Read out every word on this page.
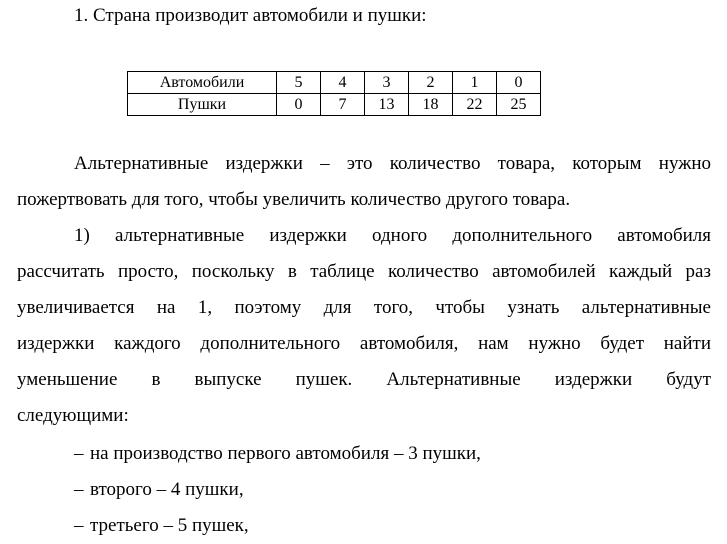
1. Страна производит автомобили и пушки:
Автомобили	5	4	3	2	1	0
Пушки	0	7	13	18	22	25
Альтернативные издержки – это количество товара, которым нужно
пожертвовать для того, чтобы увеличить количество другого товара.
1) альтернативные издержки одного дополнительного автомобиля
рассчитать просто, поскольку в таблице количество автомобилей каждый раз
увеличивается на 1, поэтому для того, чтобы узнать альтернативные
издержки каждого дополнительного автомобиля, нам нужно будет найти
уменьшение в выпуске пушек. Альтернативные издержки будут
следующими:
– на производство первого автомобиля – 3 пушки,
– второго – 4 пушки,
– третьего – 5 пушек,
